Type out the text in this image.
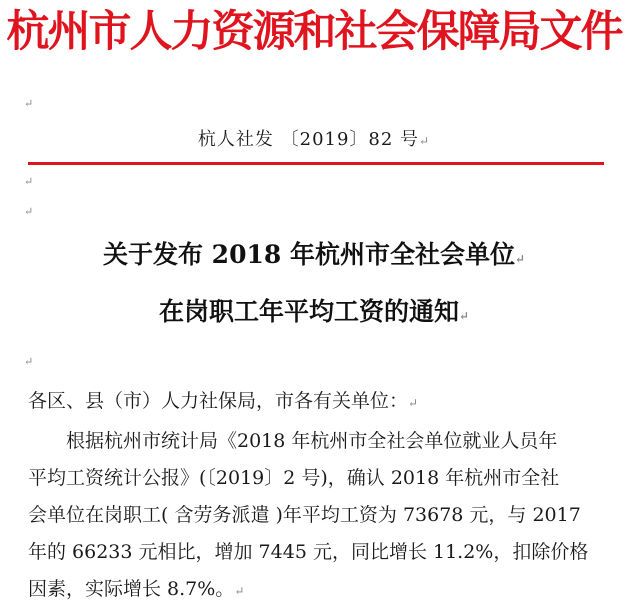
杭州市人力资源和社会保障局文件
↵
杭人社发 〔2019〕82 号↵
↵
↵
关于发布 2018 年杭州市全社会单位↵
在岗职工年平均工资的通知↵
↵
各区、县（市）人力社保局，市各有关单位：↵
根据杭州市统计局《2018 年杭州市全社会单位就业人员年
平均工资统计公报》(〔2019〕2 号)，确认 2018 年杭州市全社
会单位在岗职工( 含劳务派遣 )年平均工资为 73678 元，与 2017
年的 66233 元相比，增加 7445 元，同比增长 11.2%，扣除价格
因素，实际增长 8.7%。↵
